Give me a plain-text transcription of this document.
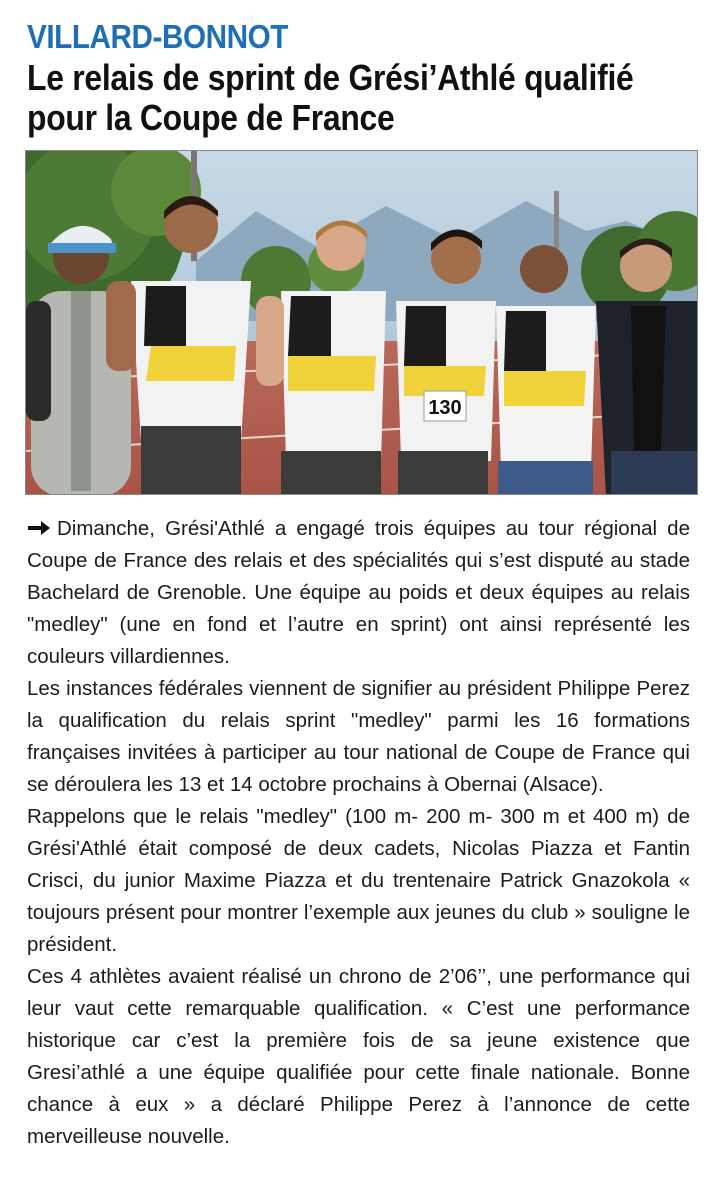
VILLARD-BONNOT
Le relais de sprint de Grési’Athlé qualifié
pour la Coupe de France
130

Dimanche, Grési'Athlé a engagé trois équipes au tour régional de Coupe de France des relais et des spécialités qui s’est disputé au stade Bachelard de Grenoble. Une équipe au poids et deux équipes au relais "medley" (une en fond et l’autre en sprint) ont ainsi représenté les couleurs villardiennes.

Les instances fédérales viennent de signifier au président Philippe Perez la qualification du relais sprint "medley" parmi les 16 formations françaises invitées à participer au tour national de Coupe de France qui se déroulera les 13 et 14 octobre prochains à Obernai (Alsace).

Rappelons que le relais "medley" (100 m- 200 m- 300 m et 400 m) de Grési'Athlé était composé de deux cadets, Nicolas Piazza et Fantin Crisci, du junior Maxime Piazza et du trentenaire Patrick Gnazokola « toujours présent pour montrer l’exemple aux jeunes du club » souligne le président.

Ces 4 athlètes avaient réalisé un chrono de 2’06’’, une performance qui leur vaut cette remarquable qualification. « C’est une performance historique car c’est la première fois de sa jeune existence que Gresi’athlé a une équipe qualifiée pour cette finale nationale. Bonne chance à eux » a déclaré Philippe Perez à l’annonce de cette merveilleuse nouvelle.
